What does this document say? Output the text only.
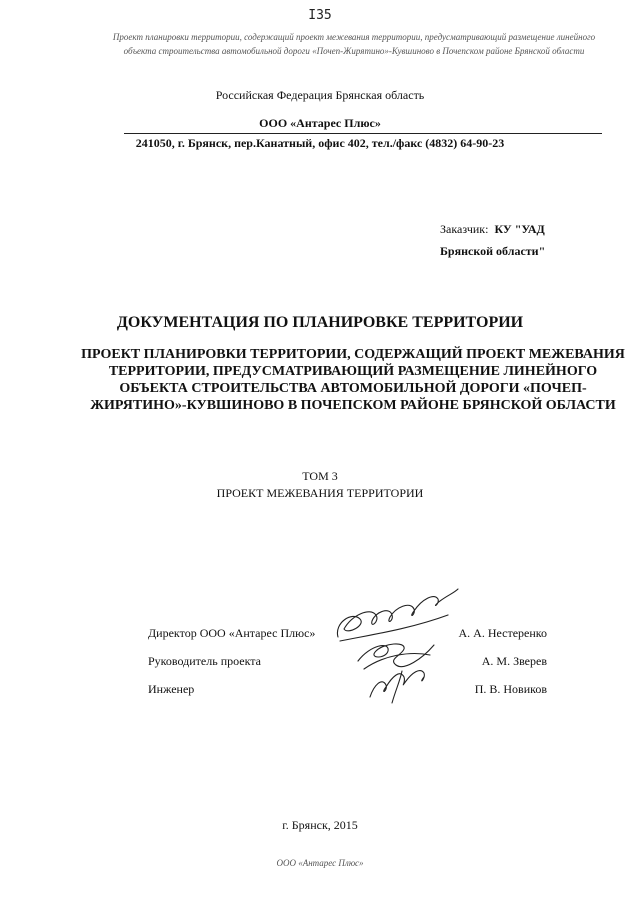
I35
Проект планировки территории, содержащий проект межевания территории, предусматривающий размещение линейного объекта строительства автомобильной дороги «Почеп-Жирятино»-Кувшиново в Почепском районе Брянской области
Российская Федерация Брянская область
ООО «Антарес Плюс»
241050, г. Брянск, пер.Канатный, офис 402, тел./факс (4832) 64-90-23
Заказчик: КУ "УАД
Брянской области"
ДОКУМЕНТАЦИЯ ПО ПЛАНИРОВКЕ ТЕРРИТОРИИ
ПРОЕКТ ПЛАНИРОВКИ ТЕРРИТОРИИ, СОДЕРЖАЩИЙ ПРОЕКТ МЕЖЕВАНИЯ ТЕРРИТОРИИ, ПРЕДУСМАТРИВАЮЩИЙ РАЗМЕЩЕНИЕ ЛИНЕЙНОГО ОБЪЕКТА СТРОИТЕЛЬСТВА АВТОМОБИЛЬНОЙ ДОРОГИ «ПОЧЕП-ЖИРЯТИНО»-КУВШИНОВО В ПОЧЕПСКОМ РАЙОНЕ БРЯНСКОЙ ОБЛАСТИ
ТОМ 3
ПРОЕКТ МЕЖЕВАНИЯ ТЕРРИТОРИИ
Директор ООО «Антарес Плюс»	А. А. Нестеренко
Руководитель проекта	А. М. Зверев
Инженер	П. В. Новиков
г. Брянск, 2015
ООО «Антарес Плюс»
